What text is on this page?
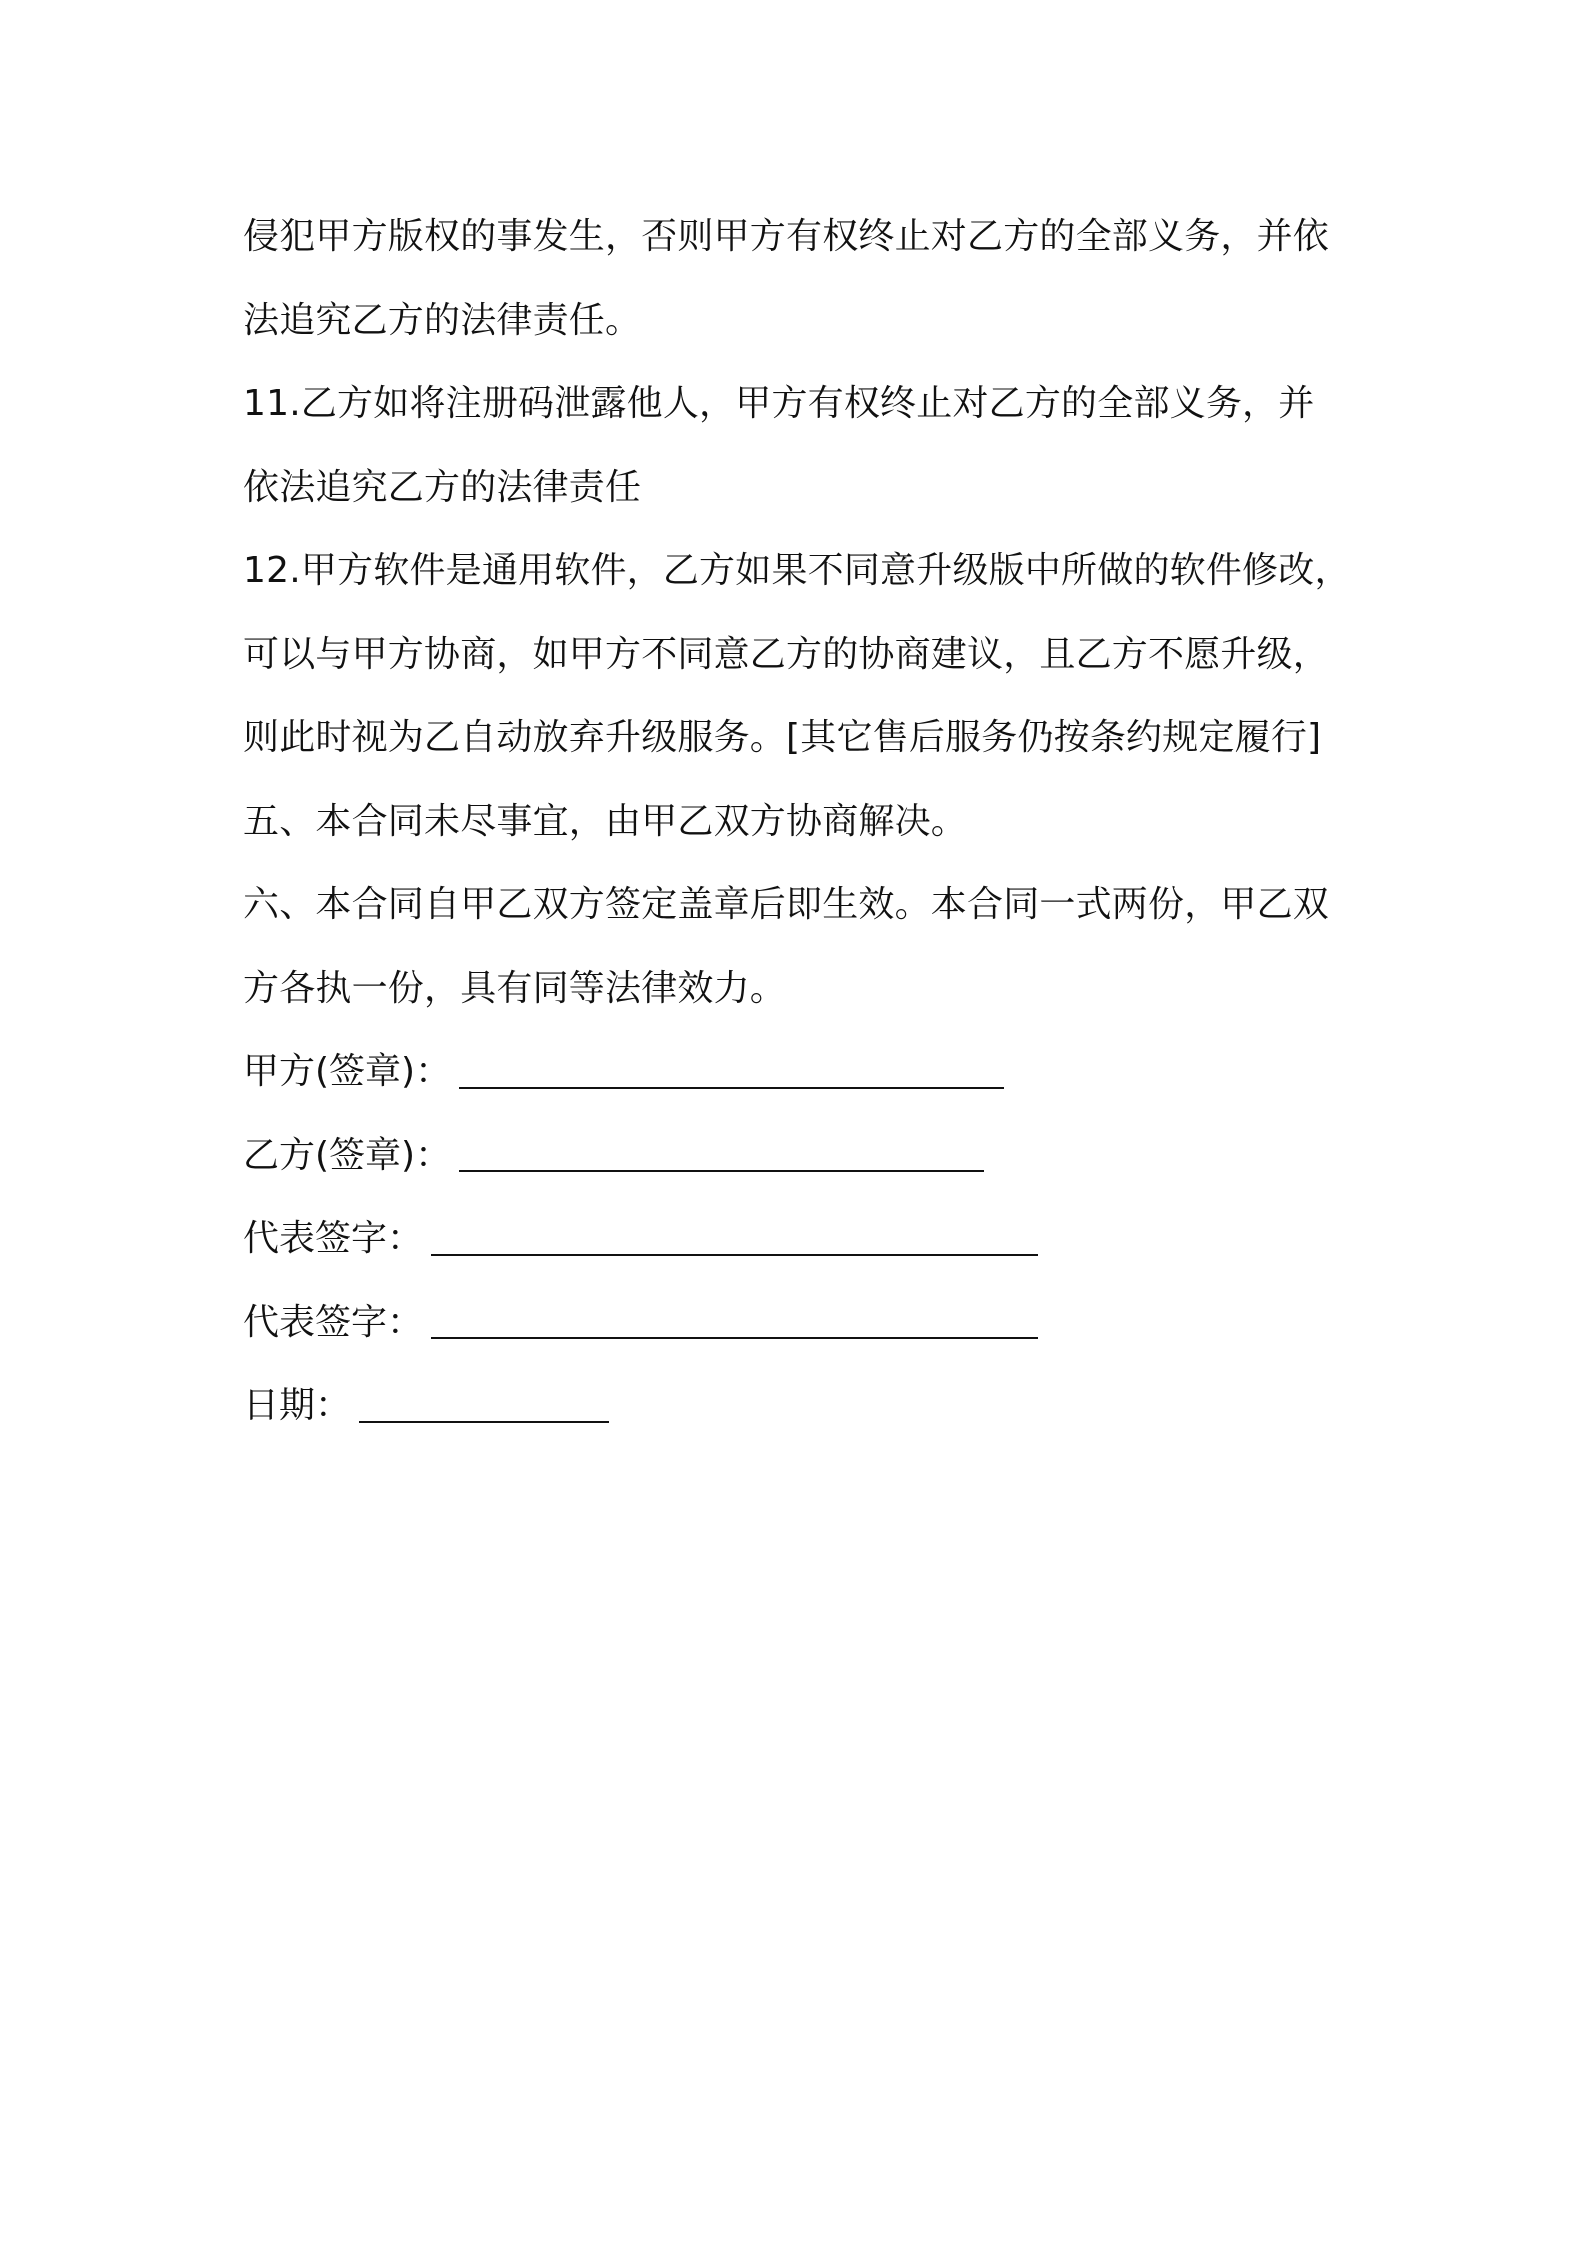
侵犯甲方版权的事发生，否则甲方有权终止对乙方的全部义务，并依
法追究乙方的法律责任。
11.乙方如将注册码泄露他人，甲方有权终止对乙方的全部义务，并
依法追究乙方的法律责任
12.甲方软件是通用软件，乙方如果不同意升级版中所做的软件修改，
可以与甲方协商，如甲方不同意乙方的协商建议，且乙方不愿升级，
则此时视为乙自动放弃升级服务。[其它售后服务仍按条约规定履行]
五、本合同未尽事宜，由甲乙双方协商解决。
六、本合同自甲乙双方签定盖章后即生效。本合同一式两份，甲乙双
方各执一份，具有同等法律效力。
甲方(签章)：
乙方(签章)：
代表签字：
代表签字：
日期：
